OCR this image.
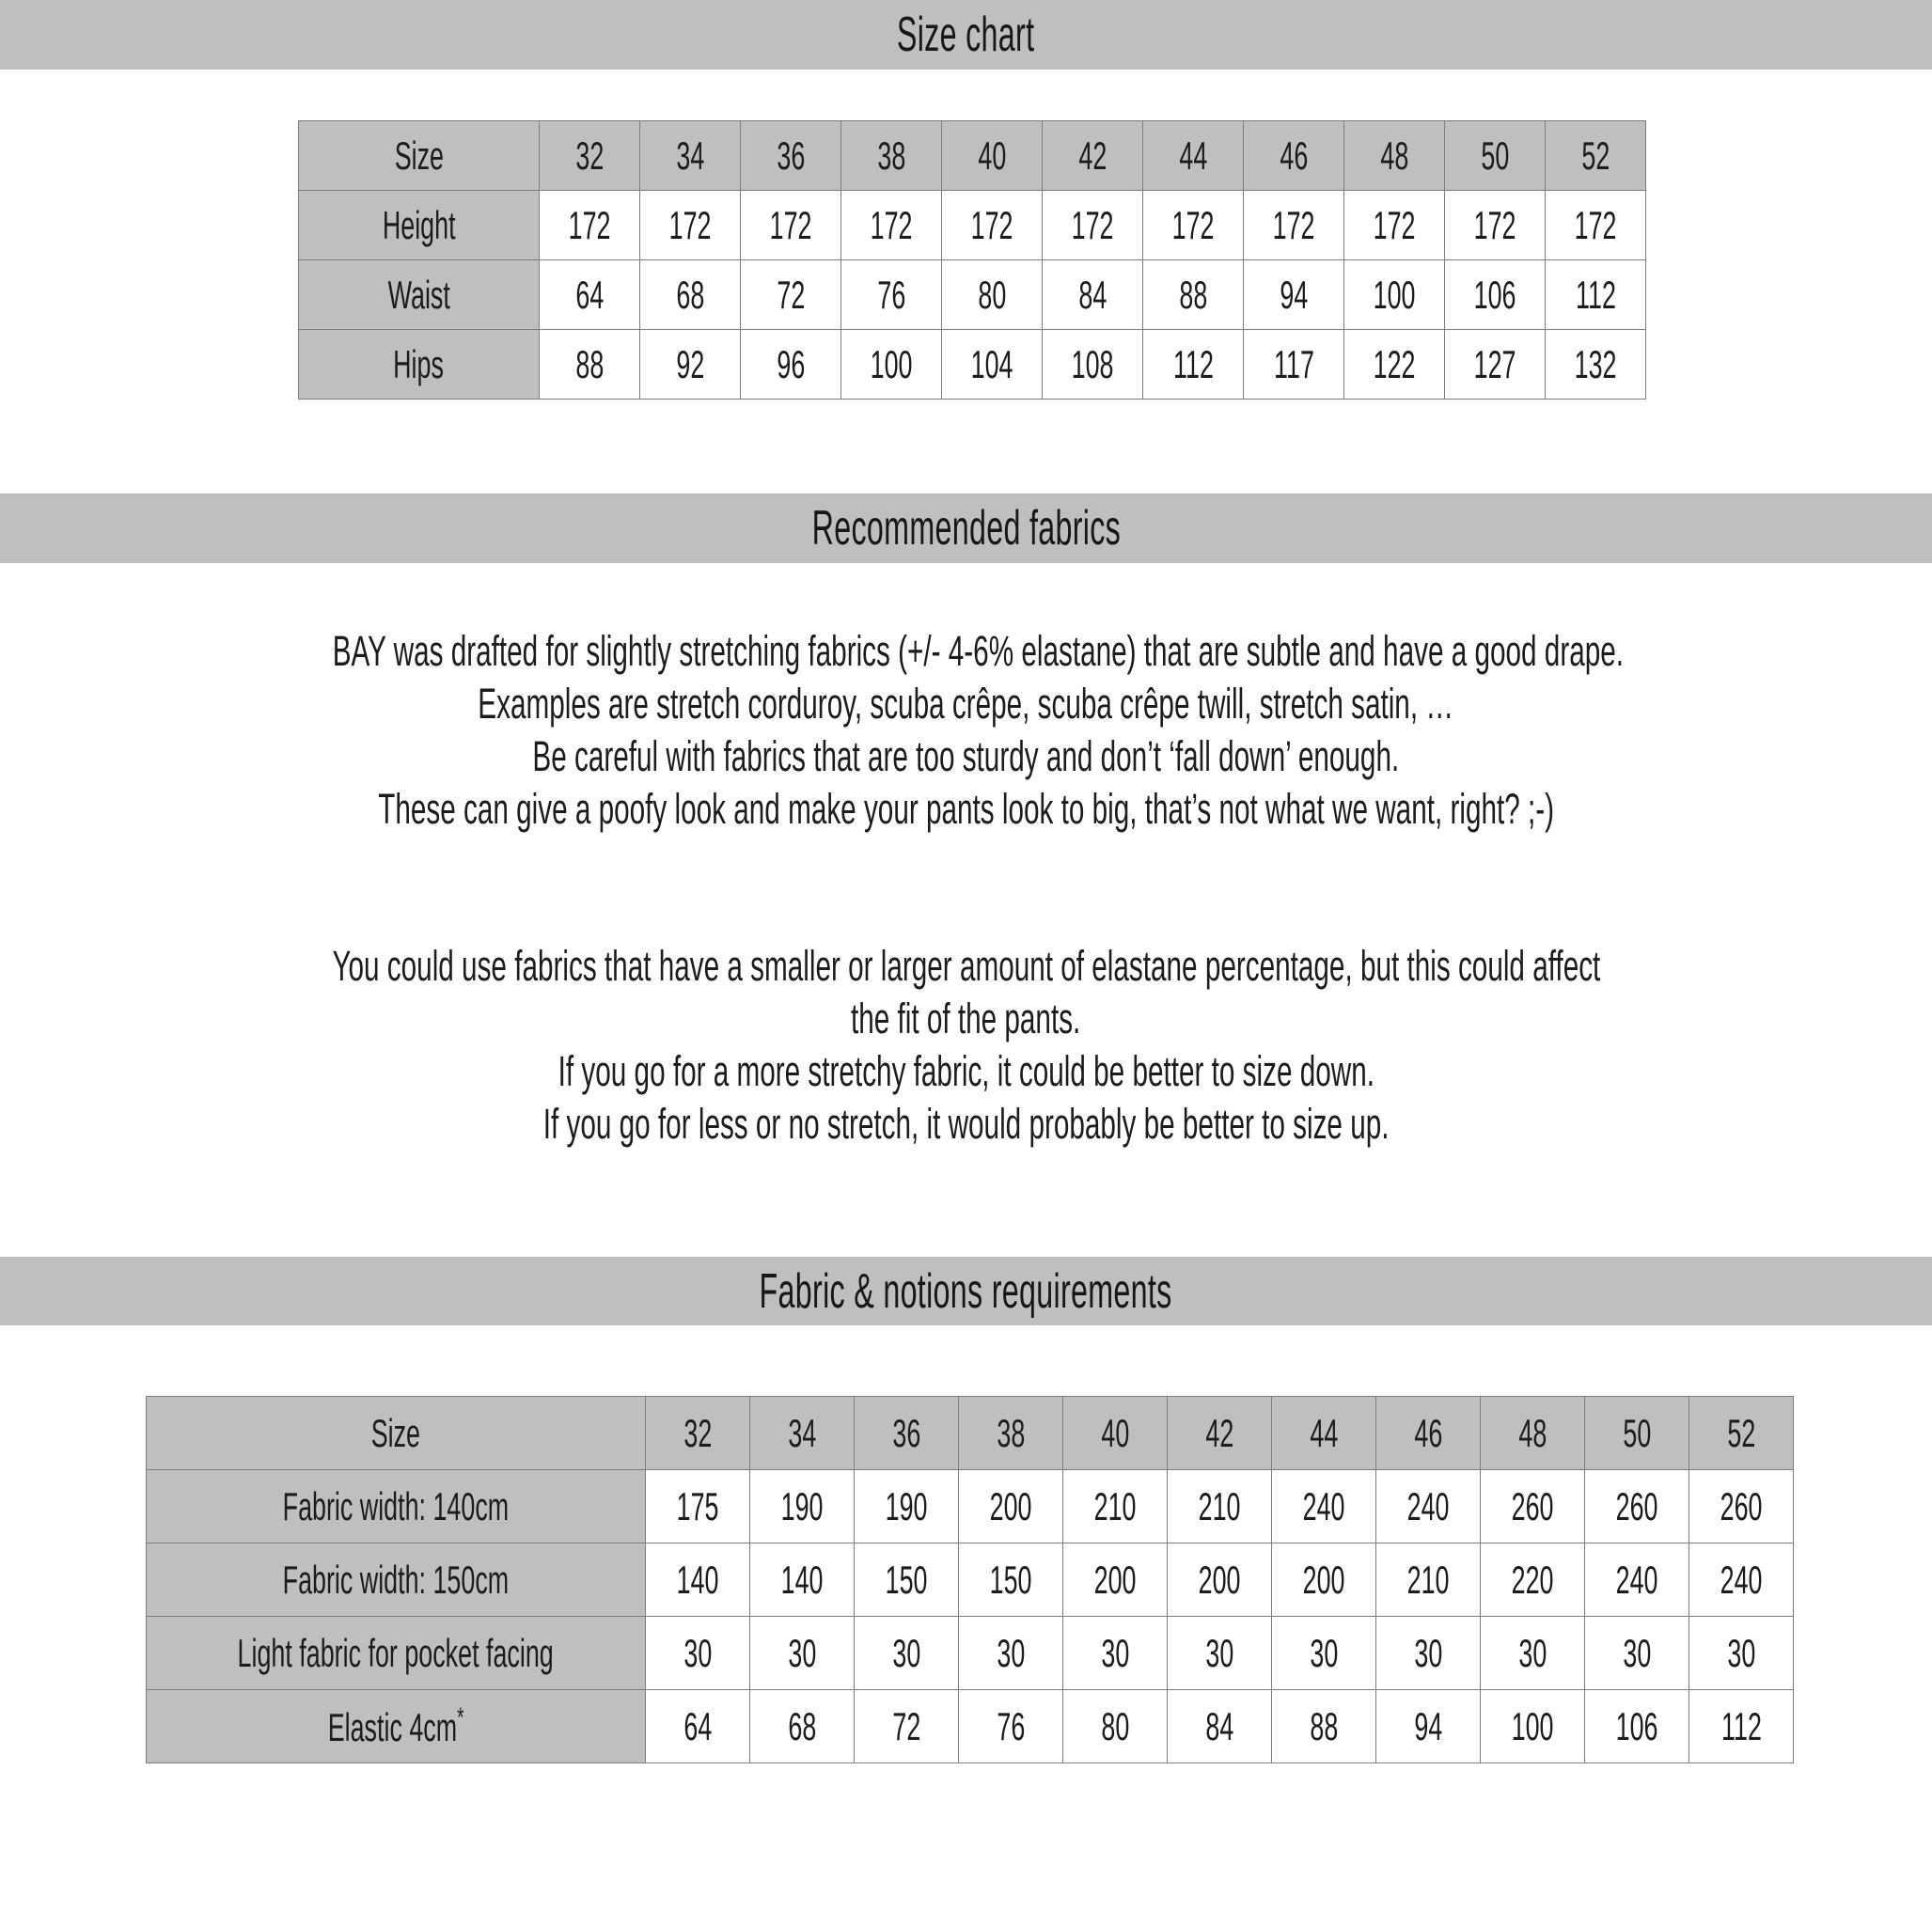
Size chart
Size	32	34	36	38	40	42	44	46	48	50	52
Height	172	172	172	172	172	172	172	172	172	172	172
Waist	64	68	72	76	80	84	88	94	100	106	112
Hips	88	92	96	100	104	108	112	117	122	127	132
Recommended fabrics

BAY was drafted for slightly stretching fabrics (+/- 4-6% elastane) that are subtle and have a good drape.

Examples are stretch corduroy, scuba crêpe, scuba crêpe twill, stretch satin, …

Be careful with fabrics that are too sturdy and don’t ‘fall down’ enough.

These can give a poofy look and make your pants look to big, that’s not what we want, right? ;-)

You could use fabrics that have a smaller or larger amount of elastane percentage, but this could affect

the fit of the pants.

If you go for a more stretchy fabric, it could be better to size down.

If you go for less or no stretch, it would probably be better to size up.

Fabric & notions requirements
Size	32	34	36	38	40	42	44	46	48	50	52
Fabric width: 140cm	175	190	190	200	210	210	240	240	260	260	260
Fabric width: 150cm	140	140	150	150	200	200	200	210	220	240	240
Light fabric for pocket facing	30	30	30	30	30	30	30	30	30	30	30
Elastic 4cm*	64	68	72	76	80	84	88	94	100	106	112
